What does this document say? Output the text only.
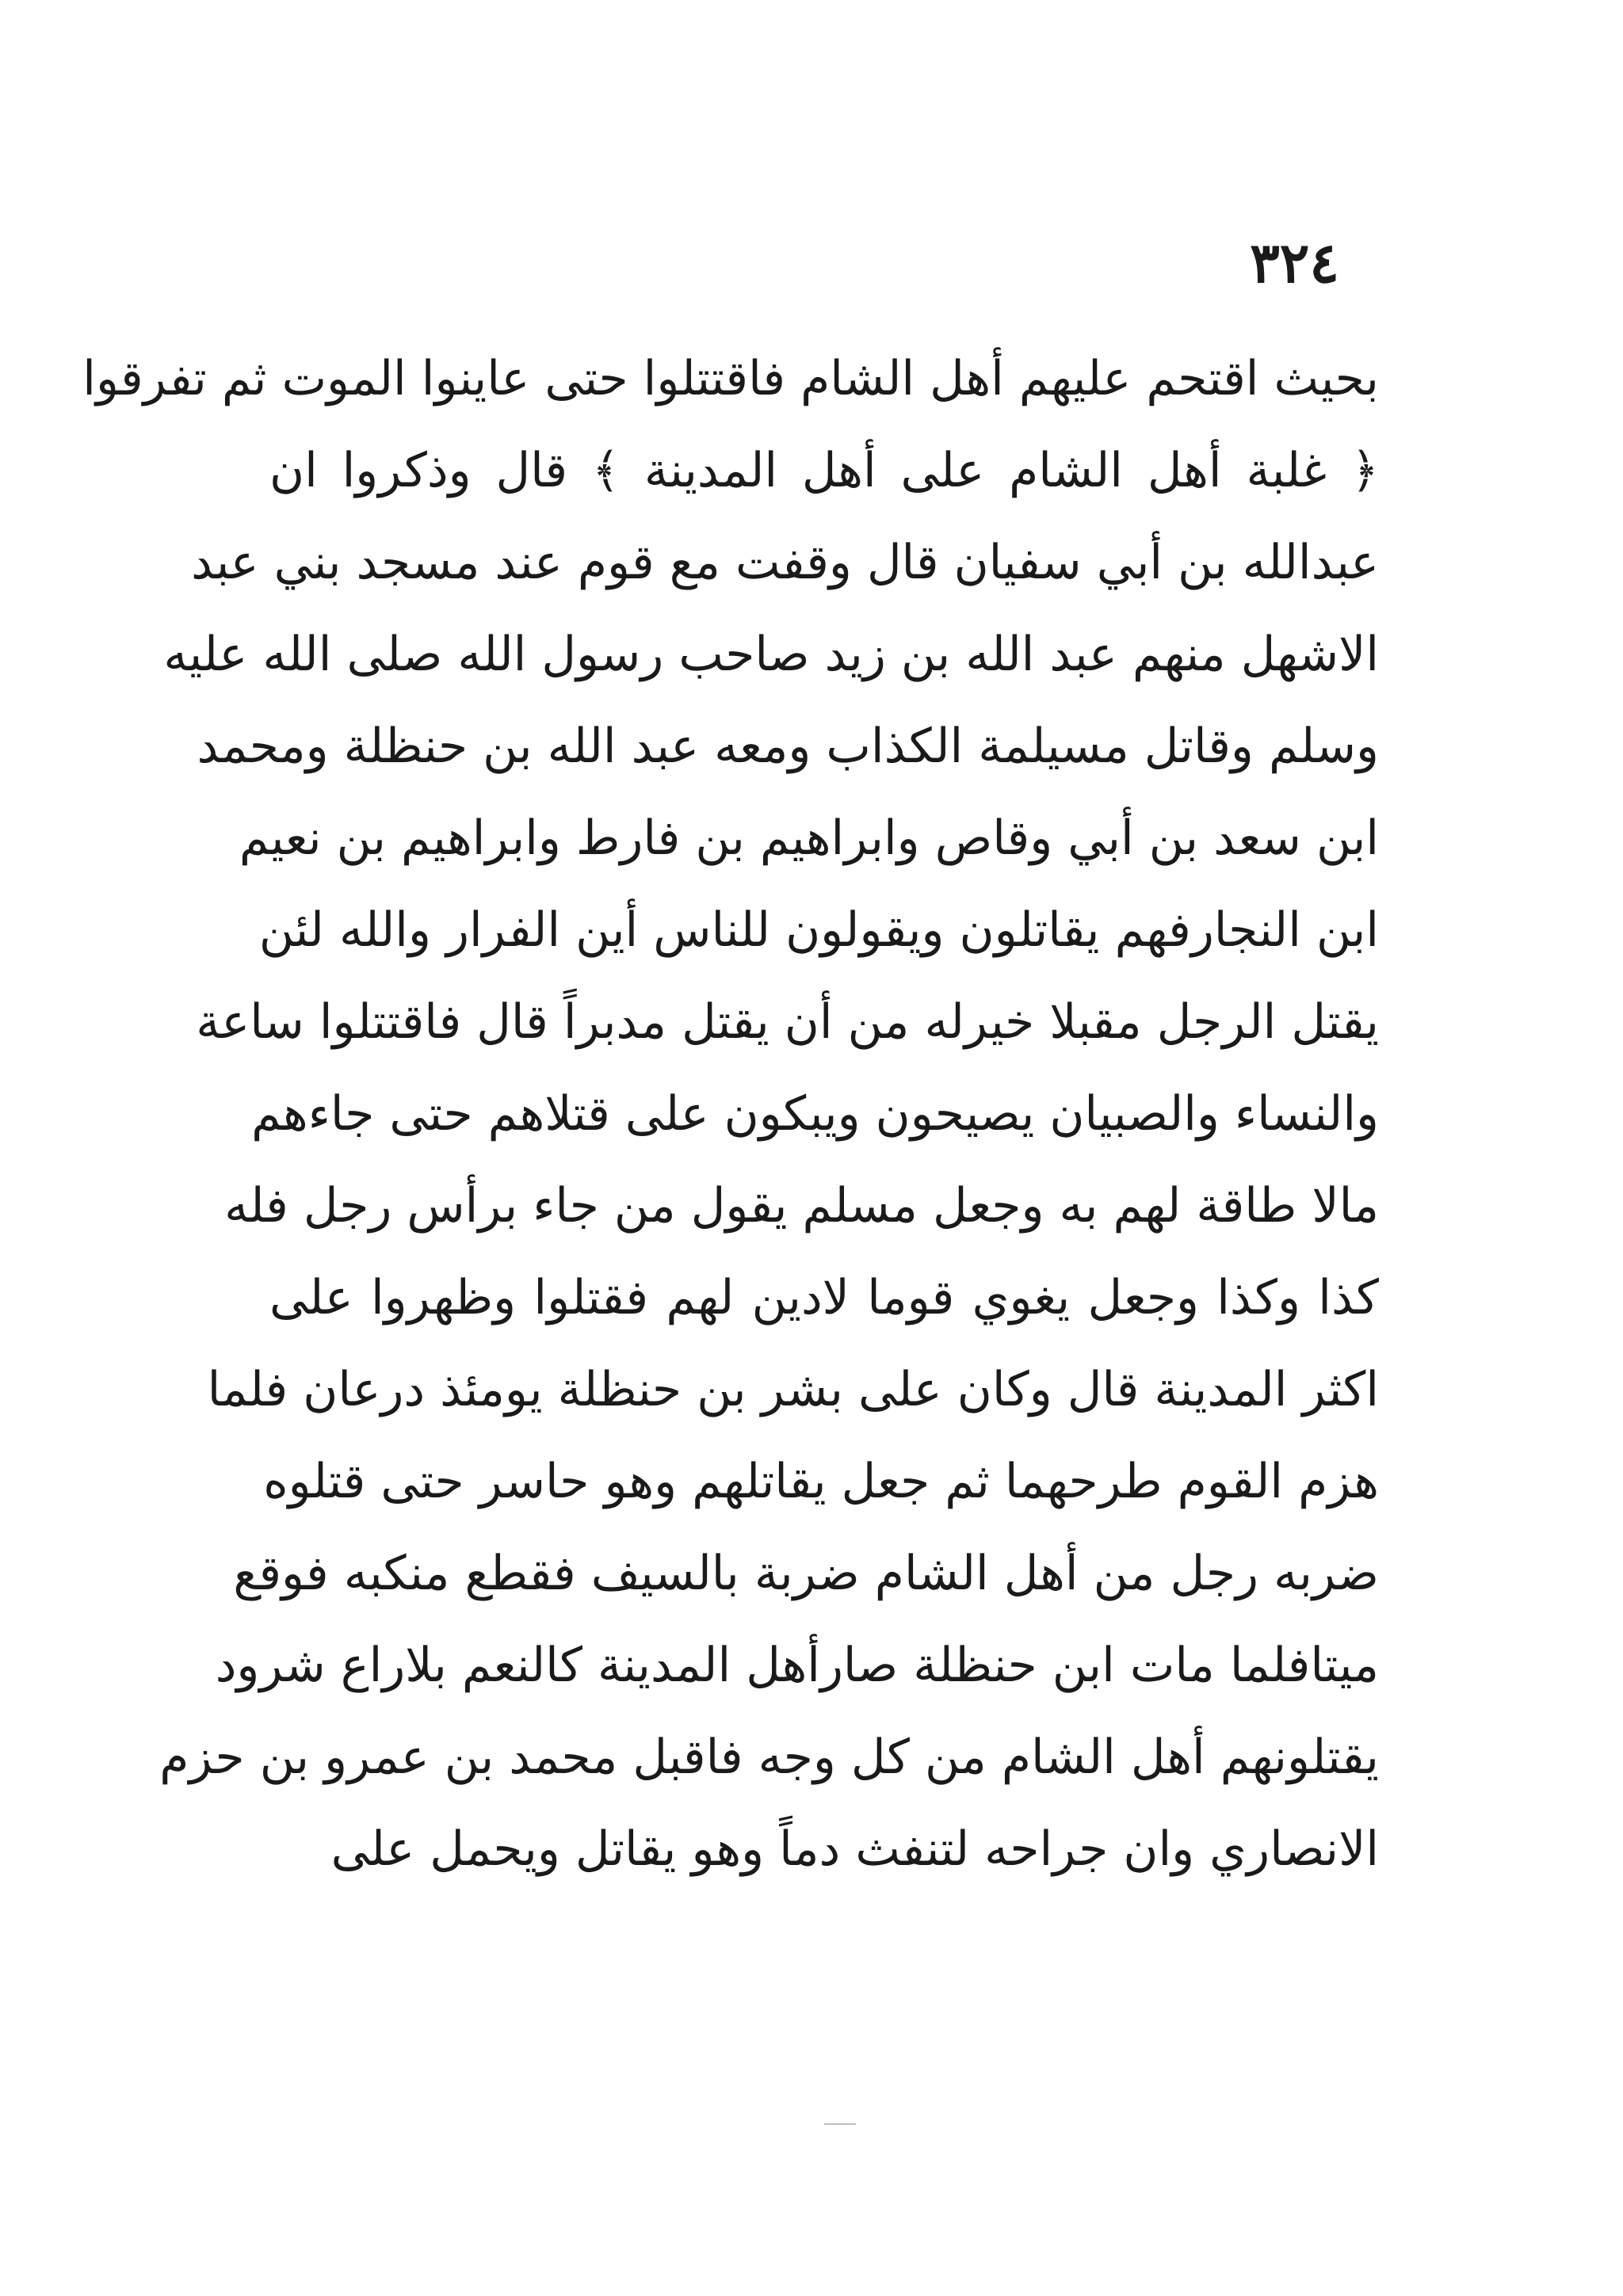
٣٢٤
بحيث اقتحم عليهم أهل الشام فاقتتلوا حتى عاينوا الموت ثم تفرقوا
﴿ غلبة أهل الشام على أهل المدينة ﴾ قال وذكروا ان
عبدالله بن أبي سفيان قال وقفت مع قوم عند مسجد بني عبد
الاشهل منهم عبد الله بن زيد صاحب رسول الله صلى الله عليه
وسلم وقاتل مسيلمة الكذاب ومعه عبد الله بن حنظلة ومحمد
ابن سعد بن أبي وقاص وابراهيم بن فارط وابراهيم بن نعيم
ابن النجارفهم يقاتلون ويقولون للناس أين الفرار والله لئن
يقتل الرجل مقبلا خيرله من أن يقتل مدبراً قال فاقتتلوا ساعة
والنساء والصبيان يصيحون ويبكون على قتلاهم حتى جاءهم
مالا طاقة لهم به وجعل مسلم يقول من جاء برأس رجل فله
كذا وكذا وجعل يغوي قوما لادين لهم فقتلوا وظهروا على
اكثر المدينة قال وكان على بشر بن حنظلة يومئذ درعان فلما
هزم القوم طرحهما ثم جعل يقاتلهم وهو حاسر حتى قتلوه
ضربه رجل من أهل الشام ضربة بالسيف فقطع منكبه فوقع
ميتافلما مات ابن حنظلة صارأهل المدينة كالنعم بلاراع شرود
يقتلونهم أهل الشام من كل وجه فاقبل محمد بن عمرو بن حزم
الانصاري وان جراحه لتنفث دماً وهو يقاتل ويحمل على
